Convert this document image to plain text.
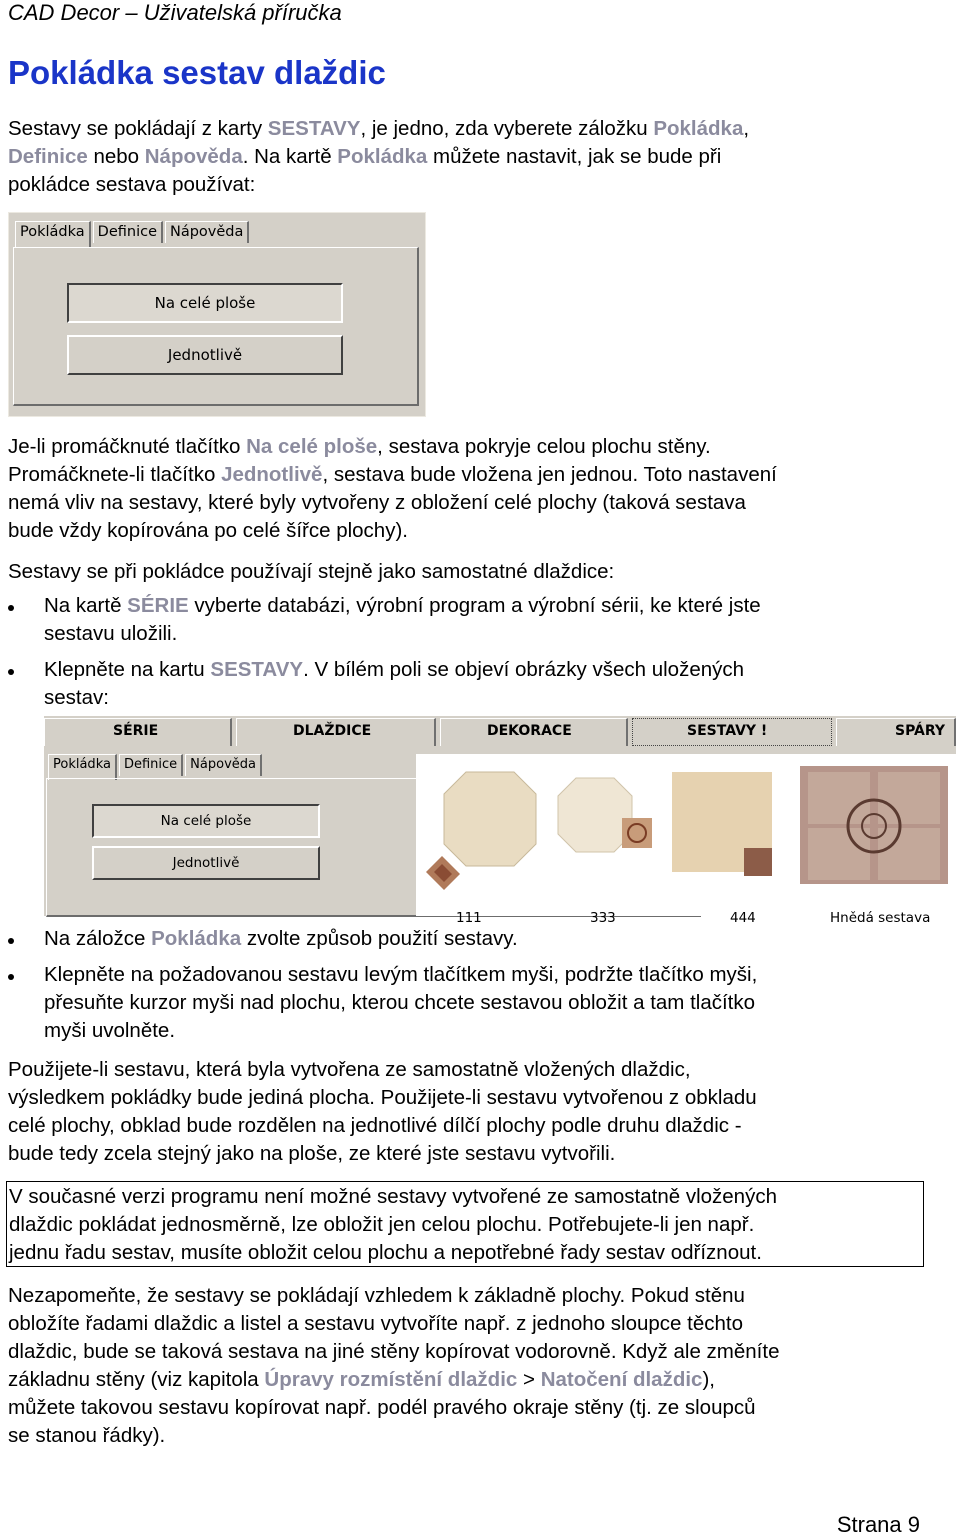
CAD Decor – Uživatelská příručka
Pokládka sestav dlaždic

Sestavy se pokládají z karty SESTAVY, je jedno, zda vyberete záložku Pokládka,

Definice nebo Nápověda. Na kartě Pokládka můžete nastavit, jak se bude při

pokládce sestava používat:

Pokládka Definice Nápověda
Na celé ploše
Jednotlivě

Je-li promáčknuté tlačítko Na celé ploše, sestava pokryje celou plochu stěny.

Promáčknete-li tlačítko Jednotlivě, sestava bude vložena jen jednou. Toto nastavení

nemá vliv na sestavy, které byly vytvořeny z obložení celé plochy (taková sestava

bude vždy kopírována po celé šířce plochy).

Sestavy se při pokládce používají stejně jako samostatné dlaždice:

Na kartě SÉRIE vyberte databázi, výrobní program a výrobní sérii, ke které jste
sestavu uložili.
Klepněte na kartu SESTAVY. V bílém poli se objeví obrázky všech uložených
sestav:
SÉRIE	DLAŽDICE	DEKORACE	SESTAVY !	SPÁRY
Pokládka	Definice	Nápověda
Na celé ploše
Jednotlivě
111	333	444	Hnědá sestava
Na záložce Pokládka zvolte způsob použití sestavy.
Klepněte na požadovanou sestavu levým tlačítkem myši, podržte tlačítko myši,
přesuňte kurzor myši nad plochu, kterou chcete sestavou obložit a tam tlačítko
myši uvolněte.

Použijete-li sestavu, která byla vytvořena ze samostatně vložených dlaždic,

výsledkem pokládky bude jediná plocha. Použijete-li sestavu vytvořenou z obkladu

celé plochy, obklad bude rozdělen na jednotlivé dílčí plochy podle druhu dlaždic -

bude tedy zcela stejný jako na ploše, ze které jste sestavu vytvořili.

V současné verzi programu není možné sestavy vytvořené ze samostatně vložených

dlaždic pokládat jednosměrně, lze obložit jen celou plochu. Potřebujete-li jen např.

jednu řadu sestav, musíte obložit celou plochu a nepotřebné řady sestav odříznout.

Nezapomeňte, že sestavy se pokládají vzhledem k základně plochy. Pokud stěnu

obložíte řadami dlaždic a listel a sestavu vytvoříte např. z jednoho sloupce těchto

dlaždic, bude se taková sestava na jiné stěny kopírovat vodorovně. Když ale změníte

základnu stěny (viz kapitola Úpravy rozmístění dlaždic > Natočení dlaždic),

můžete takovou sestavu kopírovat např. podél pravého okraje stěny (tj. ze sloupců

se stanou řádky).

Strana 9
